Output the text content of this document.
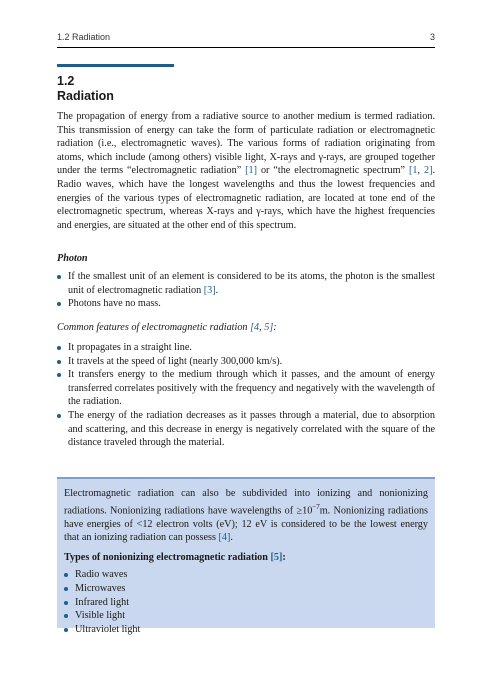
1.2 Radiation	3
1.2
Radiation
The propagation of energy from a radiative source to another medium is termed radiation. This transmission of energy can take the form of particulate radiation or electromagnetic radiation (i.e., electromagnetic waves). The various forms of radiation originating from atoms, which include (among others) visible light, X-rays and γ-rays, are grouped together under the terms “electromagnetic radiation” [1] or “the electromagnetic spectrum” [1, 2]. Radio waves, which have the longest wavelengths and thus the lowest frequencies and energies of the various types of electromagnetic radiation, are located at tone end of the electromagnetic spectrum, whereas X-rays and γ-rays, which have the highest frequencies and energies, are situated at the other end of this spectrum.
Photon
If the smallest unit of an element is considered to be its atoms, the photon is the smallest unit of electromagnetic radiation [3].
Photons have no mass.
Common features of electromagnetic radiation [4, 5]:
It propagates in a straight line.
It travels at the speed of light (nearly 300,000 km/s).
It transfers energy to the medium through which it passes, and the amount of energy transferred correlates positively with the frequency and negatively with the wavelength of the radiation.
The energy of the radiation decreases as it passes through a material, due to absorption and scattering, and this decrease in energy is negatively correlated with the square of the distance traveled through the material.

Electromagnetic radiation can also be subdivided into ionizing and nonionizing radiations. Nonionizing radiations have wavelengths of $\ge 10^{-7}m$. Nonionizing radiations have energies of <12 electron volts (eV); 12 eV is considered to be the lowest energy that an ionizing radiation can possess [4].

Types of nonionizing electromagnetic radiation [5]:

Radio waves
Microwaves
Infrared light
Visible light
Ultraviolet light
